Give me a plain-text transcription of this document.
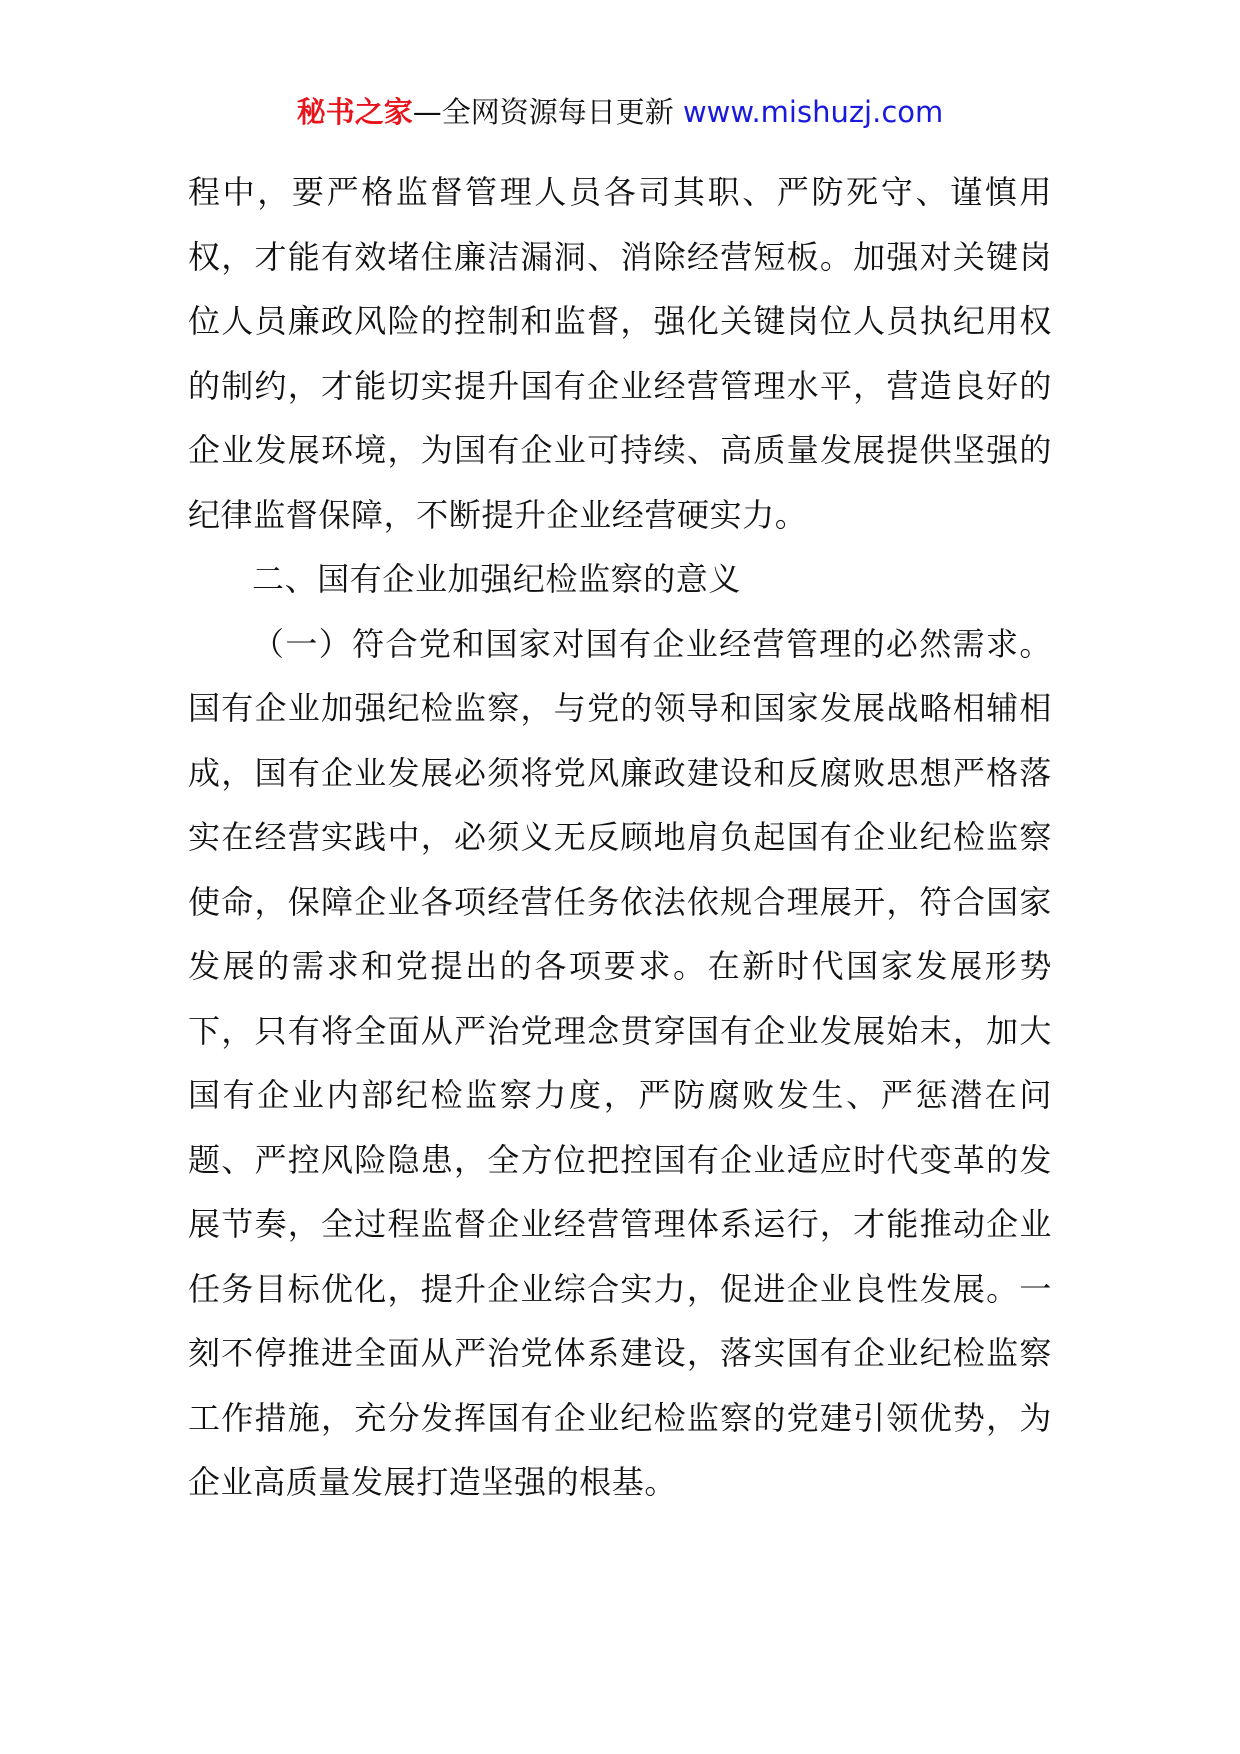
秘书之家—全网资源每日更新 www.mishuzj.com

程中，要严格监督管理人员各司其职、严防死守、谨慎用权，才能有效堵住廉洁漏洞、消除经营短板。加强对关键岗位人员廉政风险的控制和监督，强化关键岗位人员执纪用权的制约，才能切实提升国有企业经营管理水平，营造良好的企业发展环境，为国有企业可持续、高质量发展提供坚强的纪律监督保障，不断提升企业经营硬实力。

二、国有企业加强纪检监察的意义

（一）符合党和国家对国有企业经营管理的必然需求。国有企业加强纪检监察，与党的领导和国家发展战略相辅相成，国有企业发展必须将党风廉政建设和反腐败思想严格落实在经营实践中，必须义无反顾地肩负起国有企业纪检监察使命，保障企业各项经营任务依法依规合理展开，符合国家发展的需求和党提出的各项要求。在新时代国家发展形势下，只有将全面从严治党理念贯穿国有企业发展始末，加大国有企业内部纪检监察力度，严防腐败发生、严惩潜在问题、严控风险隐患，全方位把控国有企业适应时代变革的发展节奏，全过程监督企业经营管理体系运行，才能推动企业任务目标优化，提升企业综合实力，促进企业良性发展。一刻不停推进全面从严治党体系建设，落实国有企业纪检监察工作措施，充分发挥国有企业纪检监察的党建引领优势，为企业高质量发展打造坚强的根基。
